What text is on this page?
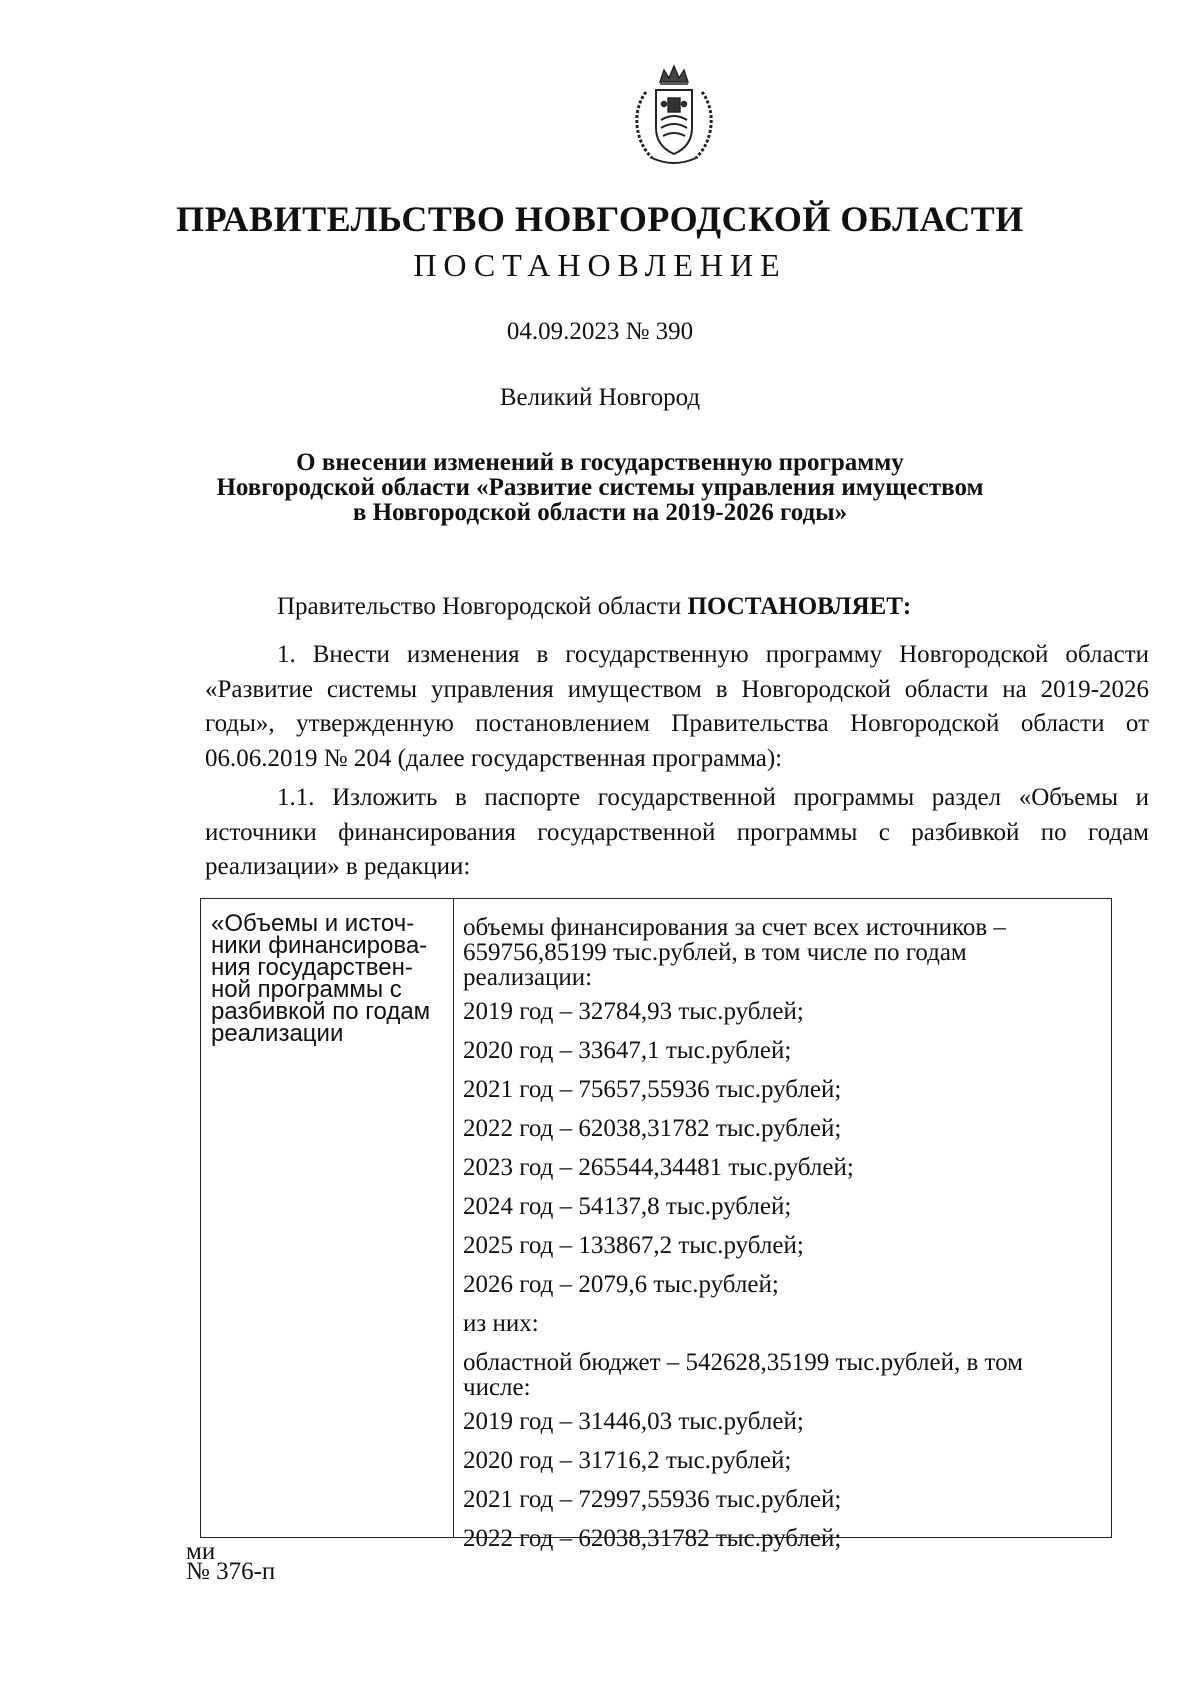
ПРАВИТЕЛЬСТВО НОВГОРОДСКОЙ ОБЛАСТИ
ПОСТАНОВЛЕНИЕ
04.09.2023 № 390
Великий Новгород
О внесении изменений в государственную программу
Новгородской области «Развитие системы управления имуществом
в Новгородской области на 2019-2026 годы»
Правительство Новгородской области ПОСТАНОВЛЯЕТ:
1. Внести изменения в государственную программу Новгородской области «Развитие системы управления имуществом в Новгородской области на 2019-2026 годы», утвержденную постановлением Правительства Новгородской области от 06.06.2019 № 204 (далее государственная программа):
1.1. Изложить в паспорте государственной программы раздел «Объемы и источники финансирования государственной программы с разбивкой по годам реализации» в редакции:
«Объемы и источ-
ники финансирова-
ния государствен-
ной программы с
разбивкой по годам
реализации
объемы финансирования за счет всех источников –
659756,85199 тыс.рублей, в том числе по годам
реализации:
2019 год – 32784,93 тыс.рублей;
2020 год – 33647,1 тыс.рублей;
2021 год – 75657,55936 тыс.рублей;
2022 год – 62038,31782 тыс.рублей;
2023 год – 265544,34481 тыс.рублей;
2024 год – 54137,8 тыс.рублей;
2025 год – 133867,2 тыс.рублей;
2026 год – 2079,6 тыс.рублей;
из них:
областной бюджет – 542628,35199 тыс.рублей, в том
числе:
2019 год – 31446,03 тыс.рублей;
2020 год – 31716,2 тыс.рублей;
2021 год – 72997,55936 тыс.рублей;
2022 год – 62038,31782 тыс.рублей;
ми
№ 376-п
